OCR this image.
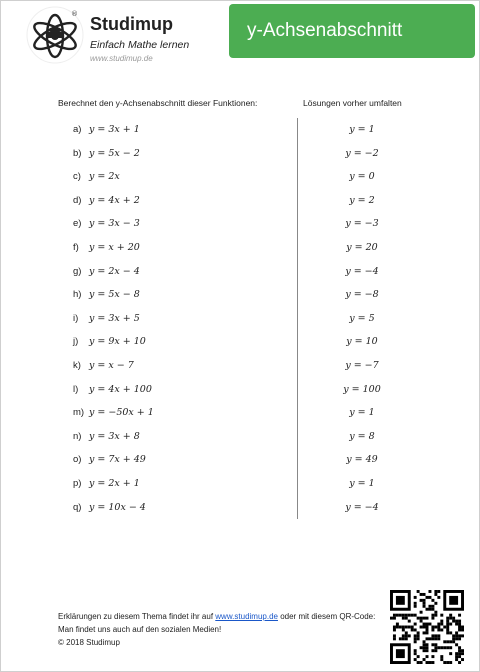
® Studimup
Einfach Mathe lernen
www.studimup.de
y-Achsenabschnitt
Berechnet den y-Achsenabschnitt dieser Funktionen:	Lösungen vorher umfalten
a) y = 3x + 1	y = 1
b) y = 5x − 2	y = −2
c) y = 2x	y = 0
d) y = 4x + 2	y = 2
e) y = 3x − 3	y = −3
f) y = x + 20	y = 20
g) y = 2x − 4	y = −4
h) y = 5x − 8	y = −8
i) y = 3x + 5	y = 5
j) y = 9x + 10	y = 10
k) y = x − 7	y = −7
l) y = 4x + 100	y = 100
m) y = −50x + 1	y = 1
n) y = 3x + 8	y = 8
o) y = 7x + 49	y = 49
p) y = 2x + 1	y = 1
q) y = 10x − 4	y = −4
Erklärungen zu diesem Thema findet ihr auf www.studimup.de oder mit diesem QR-Code:
Man findet uns auch auf den sozialen Medien!
© 2018 Studimup
